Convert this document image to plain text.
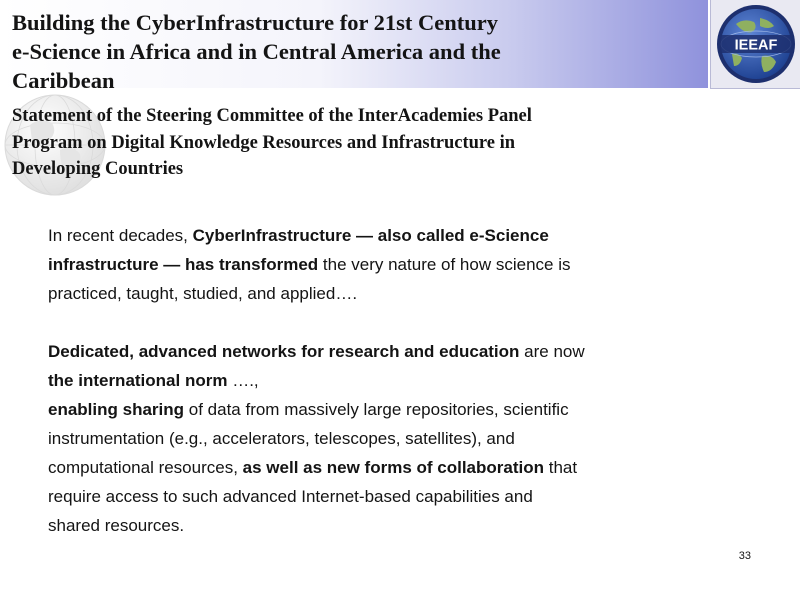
IEEAF
Building the CyberInfrastructure for 21st Century
e-Science in Africa and in Central America and the
Caribbean
Statement of the Steering Committee of the InterAcademies Panel
Program on Digital Knowledge Resources and Infrastructure in
Developing Countries
In recent decades, CyberInfrastructure — also called e-Science
infrastructure — has transformed the very nature of how science is
practiced, taught, studied, and applied….
Dedicated, advanced networks for research and education are now
the international norm ….,
enabling sharing of data from massively large repositories, scientific
instrumentation (e.g., accelerators, telescopes, satellites), and
computational resources, as well as new forms of collaboration that
require access to such advanced Internet-based capabilities and
shared resources.
33
